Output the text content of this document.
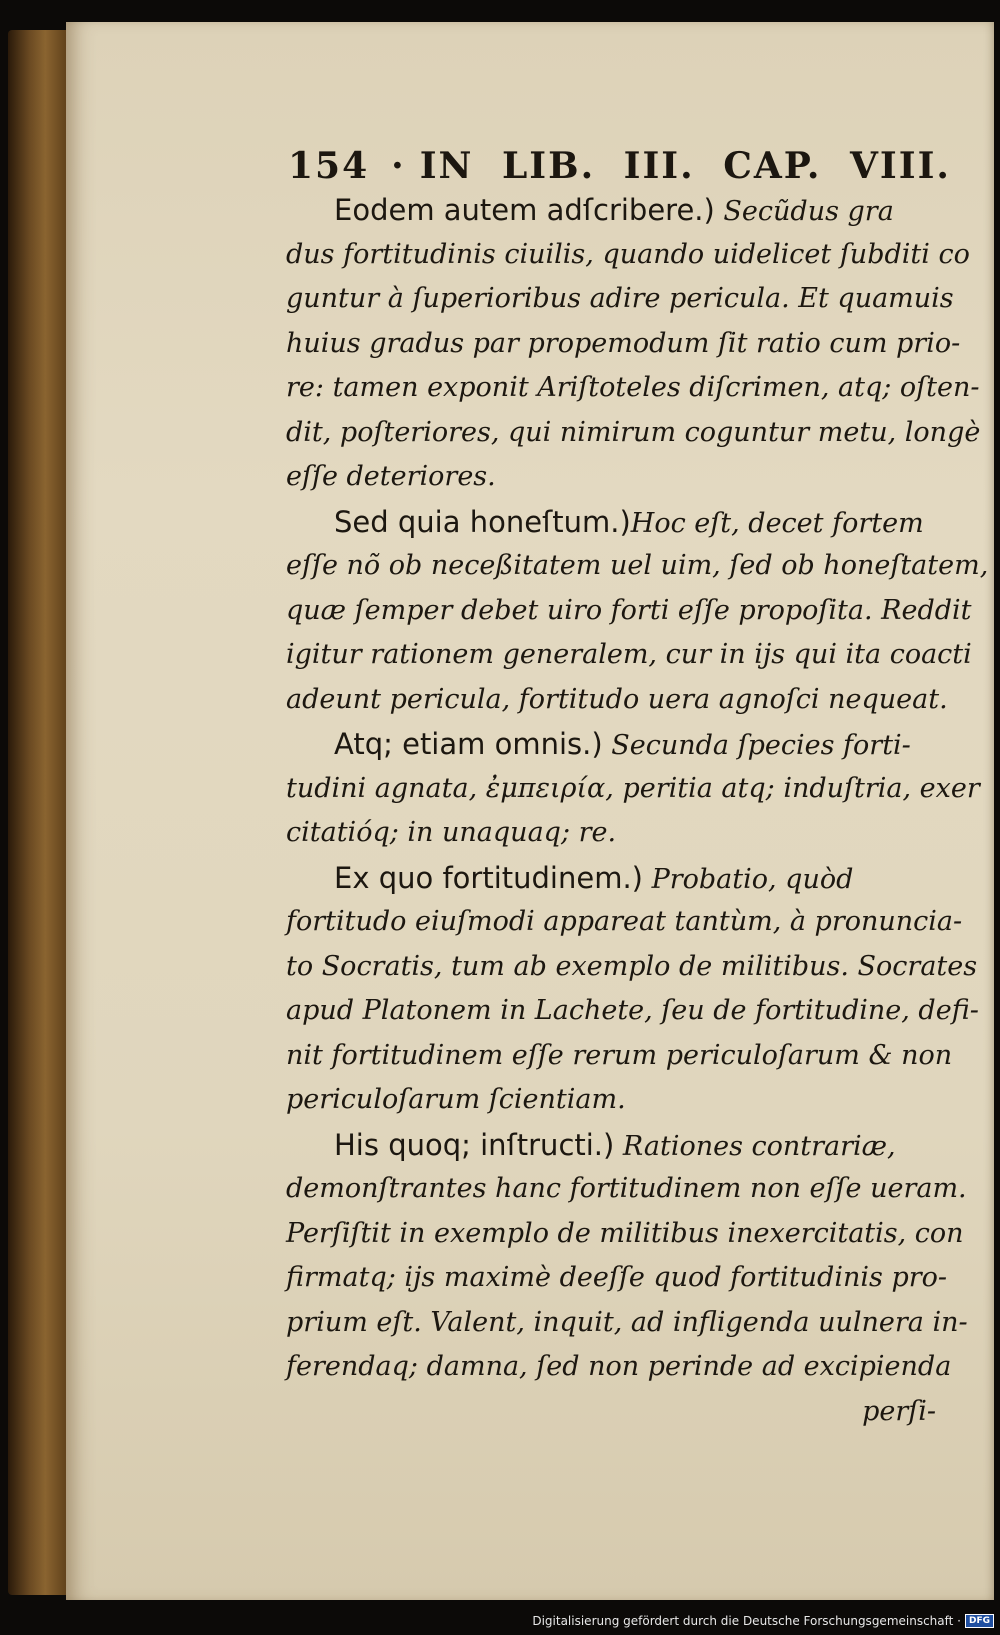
154 · IN LIB. III. CAP. VIII.
Eodem autem adſcribere.) Secũdus gra
dus fortitudinis ciuilis, quando uidelicet ſubditi co
guntur à ſuperioribus adire pericula. Et quamuis
huius gradus par propemodum ſit ratio cum prio-
re: tamen exponit Ariſtoteles diſcrimen, atq; oſten-
dit, poſteriores, qui nimirum coguntur metu, longè
eſſe deteriores.
Sed quia honeſtum.)Hoc eſt, decet fortem
eſſe nõ ob neceßitatem uel uim, ſed ob honeſtatem,
quæ ſemper debet uiro forti eſſe propoſita. Reddit
igitur rationem generalem, cur in ijs qui ita coacti
adeunt pericula, fortitudo uera agnoſci nequeat.
Atq; etiam omnis.) Secunda ſpecies forti-
tudini agnata, ἐμπειρία, peritia atq; induſtria, exer
citatióq; in unaquaq; re.
Ex quo fortitudinem.) Probatio, quòd
fortitudo eiuſmodi appareat tantùm, à pronuncia-
to Socratis, tum ab exemplo de militibus. Socrates
apud Platonem in Lachete, ſeu de fortitudine, defi-
nit fortitudinem eſſe rerum periculoſarum & non
periculoſarum ſcientiam.
His quoq; inſtructi.) Rationes contrariæ,
demonſtrantes hanc fortitudinem non eſſe ueram.
Perſiſtit in exemplo de militibus inexercitatis, con
firmatq; ijs maximè deeſſe quod fortitudinis pro-
prium eſt. Valent, inquit, ad infligenda uulnera in-
ferendaq; damna, ſed non perinde ad excipienda
perſi-
Digitalisierung gefördert durch die Deutsche Forschungsgemeinschaft · DFG
